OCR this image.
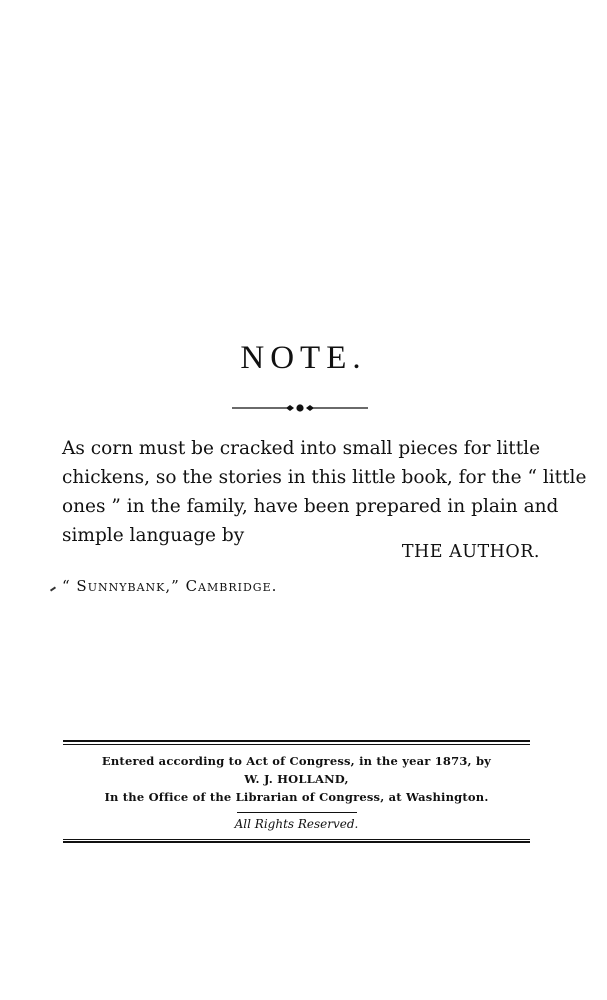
NOTE.
As corn must be cracked into small pieces for little
chickens, so the stories in this little book, for the “ little
ones ” in the family, have been prepared in plain and
simple language by
THE AUTHOR.
“ Sunnybank,” Cambridge.
Entered according to Act of Congress, in the year 1873, by
W. J. HOLLAND,
In the Office of the Librarian of Congress, at Washington.
All Rights Reserved.
